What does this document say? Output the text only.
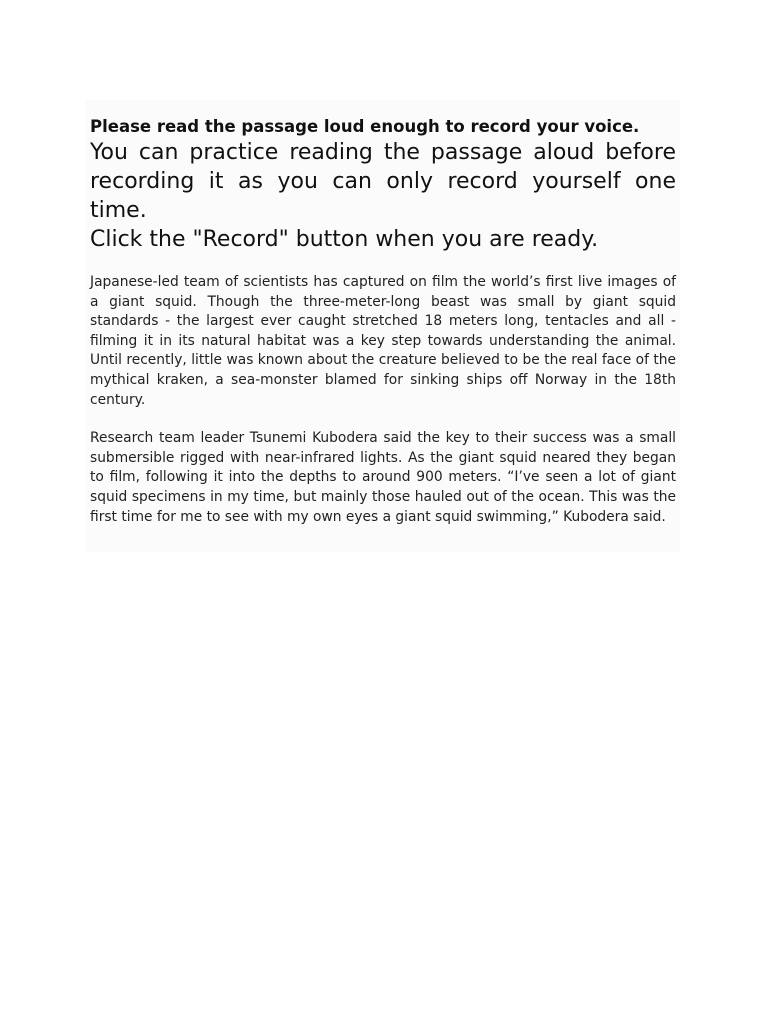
Please read the passage loud enough to record your voice.

You can practice reading the passage aloud before recording it as you can only record yourself one time.

Click the "Record" button when you are ready.

Japanese-led team of scientists has captured on film the world’s first live images of a giant squid. Though the three-meter-long beast was small by giant squid standards - the largest ever caught stretched 18 meters long, tentacles and all - filming it in its natural habitat was a key step towards understanding the animal. Until recently, little was known about the creature believed to be the real face of the mythical kraken, a sea-monster blamed for sinking ships off Norway in the 18th century.

Research team leader Tsunemi Kubodera said the key to their success was a small submersible rigged with near-infrared lights. As the giant squid neared they began to film, following it into the depths to around 900 meters. “I’ve seen a lot of giant squid specimens in my time, but mainly those hauled out of the ocean. This was the first time for me to see with my own eyes a giant squid swimming,” Kubodera said.
